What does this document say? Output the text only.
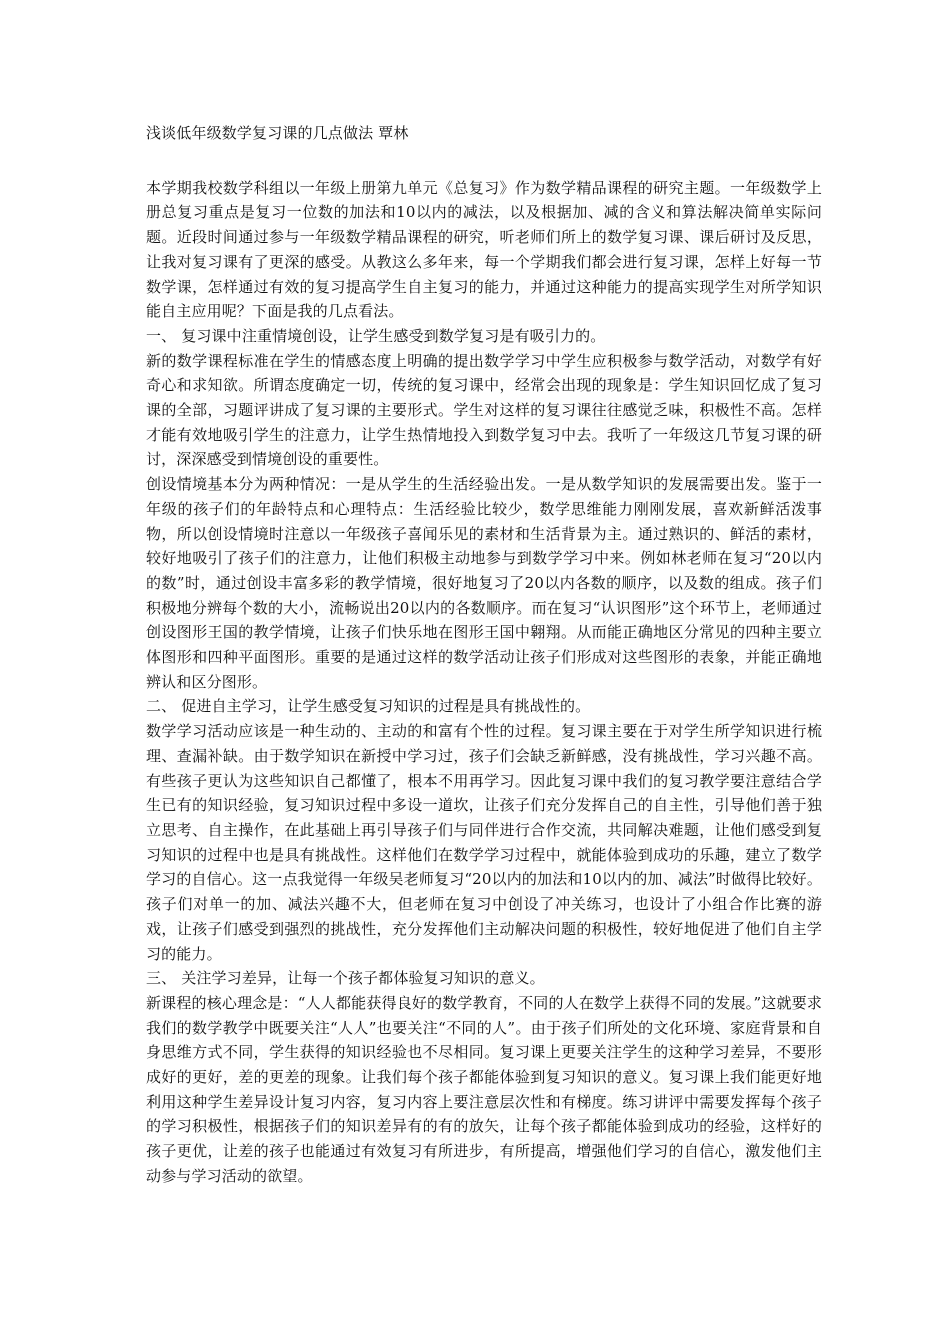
浅谈低年级数学复习课的几点做法 覃林

本学期我校数学科组以一年级上册第九单元《总复习》作为数学精品课程的研究主题。一年级数学上册总复习重点是复习一位数的加法和10以内的减法，以及根据加、减的含义和算法解决简单实际问题。近段时间通过参与一年级数学精品课程的研究，听老师们所上的数学复习课、课后研讨及反思，让我对复习课有了更深的感受。从教这么多年来，每一个学期我们都会进行复习课，怎样上好每一节数学课，怎样通过有效的复习提高学生自主复习的能力，并通过这种能力的提高实现学生对所学知识能自主应用呢？下面是我的几点看法。

一、 复习课中注重情境创设，让学生感受到数学复习是有吸引力的。

新的数学课程标准在学生的情感态度上明确的提出数学学习中学生应积极参与数学活动，对数学有好奇心和求知欲。所谓态度确定一切，传统的复习课中，经常会出现的现象是：学生知识回忆成了复习课的全部，习题评讲成了复习课的主要形式。学生对这样的复习课往往感觉乏味，积极性不高。怎样才能有效地吸引学生的注意力，让学生热情地投入到数学复习中去。我听了一年级这几节复习课的研讨，深深感受到情境创设的重要性。

创设情境基本分为两种情况：一是从学生的生活经验出发。一是从数学知识的发展需要出发。鉴于一年级的孩子们的年龄特点和心理特点：生活经验比较少，数学思维能力刚刚发展，喜欢新鲜活泼事物，所以创设情境时注意以一年级孩子喜闻乐见的素材和生活背景为主。通过熟识的、鲜活的素材，较好地吸引了孩子们的注意力，让他们积极主动地参与到数学学习中来。例如林老师在复习“20以内的数”时，通过创设丰富多彩的教学情境，很好地复习了20以内各数的顺序，以及数的组成。孩子们积极地分辨每个数的大小，流畅说出20以内的各数顺序。而在复习“认识图形”这个环节上，老师通过创设图形王国的教学情境，让孩子们快乐地在图形王国中翱翔。从而能正确地区分常见的四种主要立体图形和四种平面图形。重要的是通过这样的数学活动让孩子们形成对这些图形的表象，并能正确地辨认和区分图形。

二、 促进自主学习，让学生感受复习知识的过程是具有挑战性的。

数学学习活动应该是一种生动的、主动的和富有个性的过程。复习课主要在于对学生所学知识进行梳理、查漏补缺。由于数学知识在新授中学习过，孩子们会缺乏新鲜感，没有挑战性，学习兴趣不高。有些孩子更认为这些知识自己都懂了，根本不用再学习。因此复习课中我们的复习教学要注意结合学生已有的知识经验，复习知识过程中多设一道坎，让孩子们充分发挥自己的自主性，引导他们善于独立思考、自主操作，在此基础上再引导孩子们与同伴进行合作交流，共同解决难题，让他们感受到复习知识的过程中也是具有挑战性。这样他们在数学学习过程中，就能体验到成功的乐趣，建立了数学学习的自信心。这一点我觉得一年级吴老师复习“20以内的加法和10以内的加、减法”时做得比较好。孩子们对单一的加、减法兴趣不大，但老师在复习中创设了冲关练习，也设计了小组合作比赛的游戏，让孩子们感受到强烈的挑战性，充分发挥他们主动解决问题的积极性，较好地促进了他们自主学习的能力。

三、 关注学习差异，让每一个孩子都体验复习知识的意义。

新课程的核心理念是：“人人都能获得良好的数学教育，不同的人在数学上获得不同的发展。”这就要求我们的数学教学中既要关注“人人”也要关注“不同的人”。由于孩子们所处的文化环境、家庭背景和自身思维方式不同，学生获得的知识经验也不尽相同。复习课上更要关注学生的这种学习差异，不要形成好的更好，差的更差的现象。让我们每个孩子都能体验到复习知识的意义。复习课上我们能更好地利用这种学生差异设计复习内容，复习内容上要注意层次性和有梯度。练习讲评中需要发挥每个孩子的学习积极性，根据孩子们的知识差异有的有的放矢，让每个孩子都能体验到成功的经验，这样好的孩子更优，让差的孩子也能通过有效复习有所进步，有所提高，增强他们学习的自信心，激发他们主动参与学习活动的欲望。
